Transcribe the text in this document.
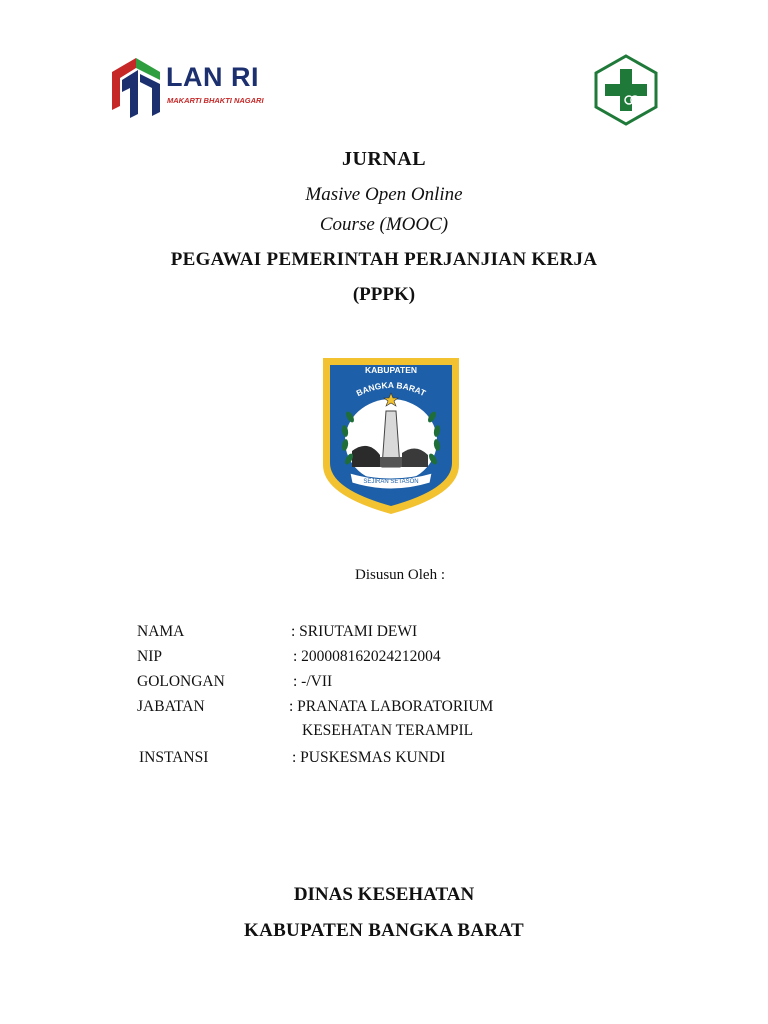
LAN RI
MAKARTI BHAKTI NAGARI
JURNAL
Masive Open Online
Course (MOOC)
PEGAWAI PEMERINTAH PERJANJIAN KERJA
(PPPK)
KABUPATEN
BANGKA BARAT
SEJIRAN SETASON
Disusun Oleh :
NAMA	: SRIUTAMI DEWI
NIP	: 200008162024212004
GOLONGAN	: -/VII
JABATAN	: PRANATA LABORATORIUM
KESEHATAN TERAMPIL
INSTANSI	: PUSKESMAS KUNDI
DINAS KESEHATAN
KABUPATEN BANGKA BARAT
